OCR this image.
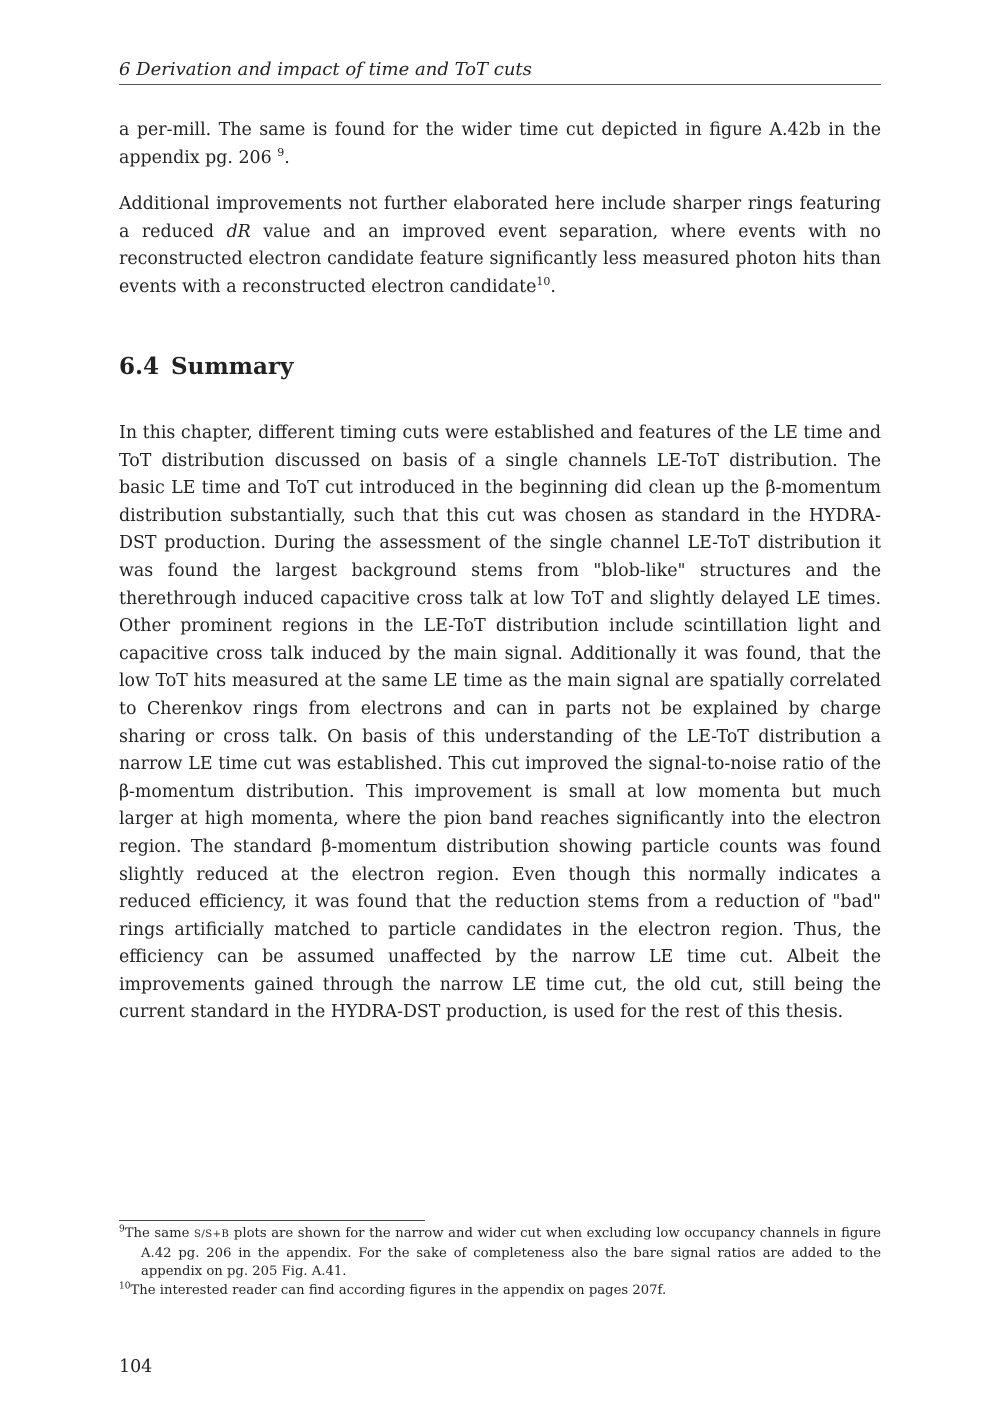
6 Derivation and impact of time and ToT cuts

a per-mill. The same is found for the wider time cut depicted in figure A.42b in the appendix pg. 206 $^9$.

Additional improvements not further elaborated here include sharper rings featuring a reduced dR value and an improved event separation, where events with no reconstructed electron candidate feature significantly less measured photon hits than events with a reconstructed electron candidate$^{10}$.

6.4 Summary

In this chapter, different timing cuts were established and features of the LE time and ToT distribution discussed on basis of a single channels LE-ToT distribution. The basic LE time and ToT cut introduced in the beginning did clean up the β-momentum distribution substantially, such that this cut was chosen as standard in the HYDRA-DST production. During the assessment of the single channel LE-ToT distribution it was found the largest background stems from "blob-like" structures and the therethrough induced capacitive cross talk at low ToT and slightly delayed LE times. Other prominent regions in the LE-ToT distribution include scintillation light and capacitive cross talk induced by the main signal. Additionally it was found, that the low ToT hits measured at the same LE time as the main signal are spatially correlated to Cherenkov rings from electrons and can in parts not be explained by charge sharing or cross talk. On basis of this understanding of the LE-ToT distribution a narrow LE time cut was established. This cut improved the signal-to-noise ratio of the β-momentum distribution. This improvement is small at low momenta but much larger at high momenta, where the pion band reaches significantly into the electron region. The standard β-momentum distribution showing particle counts was found slightly reduced at the electron region. Even though this normally indicates a reduced efficiency, it was found that the reduction stems from a reduction of "bad" rings artificially matched to particle candidates in the electron region. Thus, the efficiency can be assumed unaffected by the narrow LE time cut. Albeit the improvements gained through the narrow LE time cut, the old cut, still being the current standard in the HYDRA-DST production, is used for the rest of this thesis.

$^9$The same S/S+B plots are shown for the narrow and wider cut when excluding low occupancy channels in figure A.42 pg. 206 in the appendix. For the sake of completeness also the bare signal ratios are added to the appendix on pg. 205 Fig. A.41.

$^{10}$The interested reader can find according figures in the appendix on pages 207f.

104
